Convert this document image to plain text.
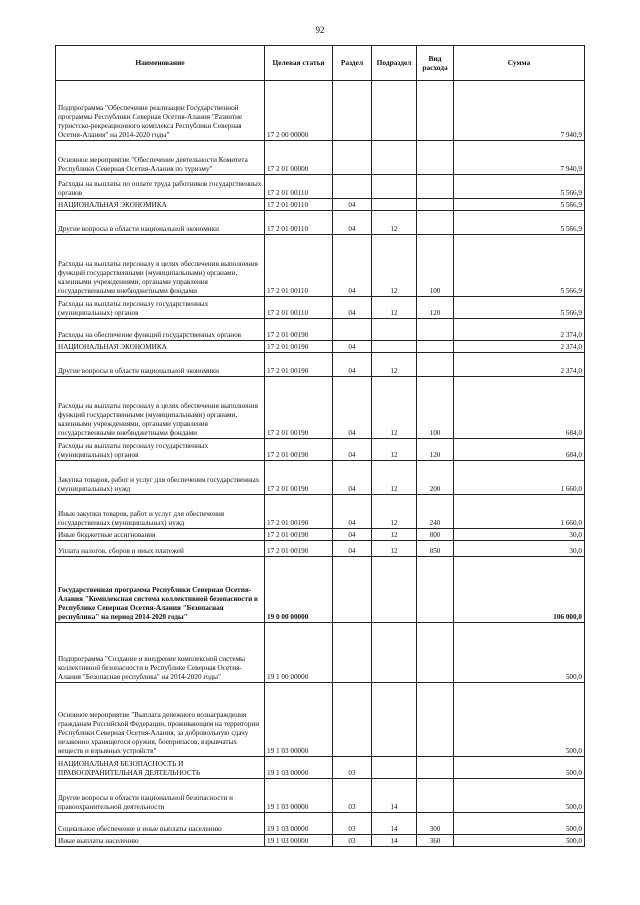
92
Наименование	Целевая статья	Раздел	Подраздел	Вид расхода	Сумма
Подпрограмма "Обеспечение реализации Государственной программы Республики Северная Осетия-Алания "Развитие туристско-рекреационного комплекса Республики Северная Осетия-Алания" на 2014-2020 годы"	17 2 00 00000				7 940,9
Основное мероприятие "Обеспечение деятельности Комитета Республики Северная Осетия-Алания по туризму"	17 2 01 00000				7 940,9
Расходы на выплаты по оплате труда работников государственных органов	17 2 01 00110				5 566,9
НАЦИОНАЛЬНАЯ ЭКОНОМИКА	17 2 01 00110	04			5 566,9
Другие вопросы в области национальной экономики	17 2 01 00110	04	12		5 566,9
Расходы на выплаты персоналу в целях обеспечения выполнения функций государственными (муниципальными) органами, казенными учреждениями, органами управления государственными внебюджетными фондами	17 2 01 00110	04	12	100	5 566,9
Расходы на выплаты персоналу государственных (муниципальных) органов	17 2 01 00110	04	12	120	5 566,9
Расходы на обеспечение функций государственных органов	17 2 01 00190				2 374,0
НАЦИОНАЛЬНАЯ ЭКОНОМИКА	17 2 01 00190	04			2 374,0
Другие вопросы в области национальной экономики	17 2 01 00190	04	12		2 374,0
Расходы на выплаты персоналу в целях обеспечения выполнения функций государственными (муниципальными) органами, казенными учреждениями, органами управления государственными внебюджетными фондами	17 2 01 00190	04	12	100	684,0
Расходы на выплаты персоналу государственных (муниципальных) органов	17 2 01 00190	04	12	120	684,0
Закупка товаров, работ и услуг для обеспечения государственных (муниципальных) нужд	17 2 01 00190	04	12	200	1 660,0
Иные закупки товаров, работ и услуг для обеспечения государственных (муниципальных) нужд	17 2 01 00190	04	12	240	1 660,0
Иные бюджетные ассигнования	17 2 01 00190	04	12	800	30,0
Уплата налогов, сборов и иных платежей	17 2 01 00190	04	12	850	30,0
Государственная программа Республики Северная Осетия-Алания "Комплексная система коллективной безопасности в Республике Северная Осетия-Алания "Безопасная республика" на период 2014-2020 годы"	19 0 00 00000				106 000,0
Подпрограмма "Создание и внедрение комплексной системы коллективной безопасности в Республике Северная Осетия-Алания "Безопасная республика" на 2014-2020 годы"	19 1 00 00000				500,0
Основное мероприятие "Выплата денежного вознаграждения гражданам Российской Федерации, проживающим на территории Республики Северная Осетия-Алания, за добровольную сдачу незаконно хранящегося оружия, боеприпасов, взрывчатых веществ и взрывных устройств"	19 1 03 00000				500,0
НАЦИОНАЛЬНАЯ БЕЗОПАСНОСТЬ И ПРАВООХРАНИТЕЛЬНАЯ ДЕЯТЕЛЬНОСТЬ	19 1 03 00000	03			500,0
Другие вопросы в области национальной безопасности и правоохранительной деятельности	19 1 03 00000	03	14		500,0
Социальное обеспечение и иные выплаты населению	19 1 03 00000	03	14	300	500,0
Иные выплаты населению	19 1 03 00000	03	14	360	500,0
